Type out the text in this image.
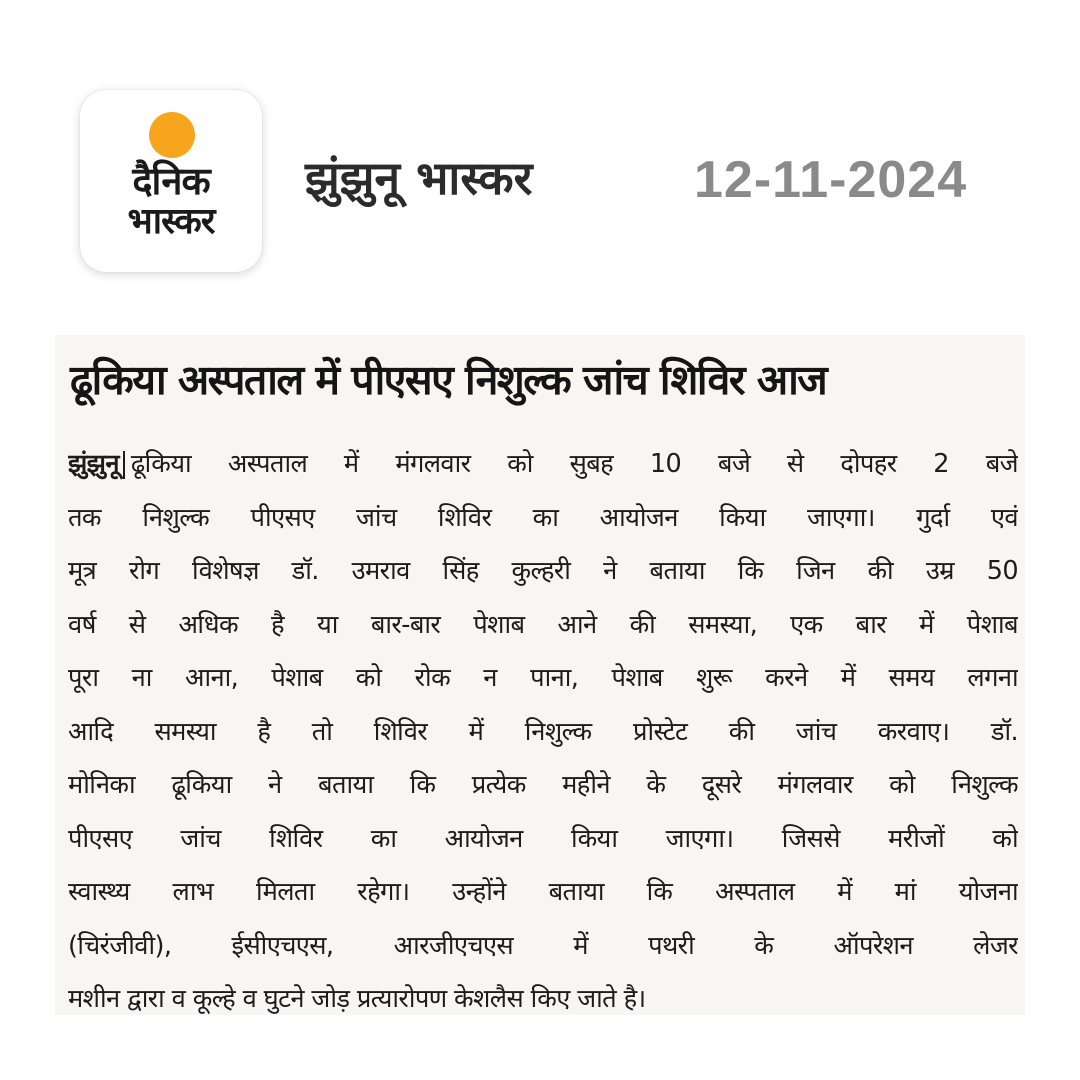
दैनिक
भास्कर
झुंझुनू भास्कर	12-11-2024
ढूकिया अस्पताल में पीएसए निशुल्क जांच शिविर आज
झुंझुनू ढूकिया अस्पताल में मंगलवार को सुबह 10 बजे से दोपहर 2 बजे
तक निशुल्क पीएसए जांच शिविर का आयोजन किया जाएगा। गुर्दा एवं
मूत्र रोग विशेषज्ञ डॉ. उमराव सिंह कुल्हरी ने बताया कि जिन की उम्र 50
वर्ष से अधिक है या बार-बार पेशाब आने की समस्या, एक बार में पेशाब
पूरा ना आना, पेशाब को रोक न पाना, पेशाब शुरू करने में समय लगना
आदि समस्या है तो शिविर में निशुल्क प्रोस्टेट की जांच करवाए। डॉ.
मोनिका ढूकिया ने बताया कि प्रत्येक महीने के दूसरे मंगलवार को निशुल्क
पीएसए जांच शिविर का आयोजन किया जाएगा। जिससे मरीजों को
स्वास्थ्य लाभ मिलता रहेगा। उन्होंने बताया कि अस्पताल में मां योजना
(चिरंजीवी), ईसीएचएस, आरजीएचएस में पथरी के ऑपरेशन लेजर
मशीन द्वारा व कूल्हे व घुटने जोड़ प्रत्यारोपण केशलैस किए जाते है।
